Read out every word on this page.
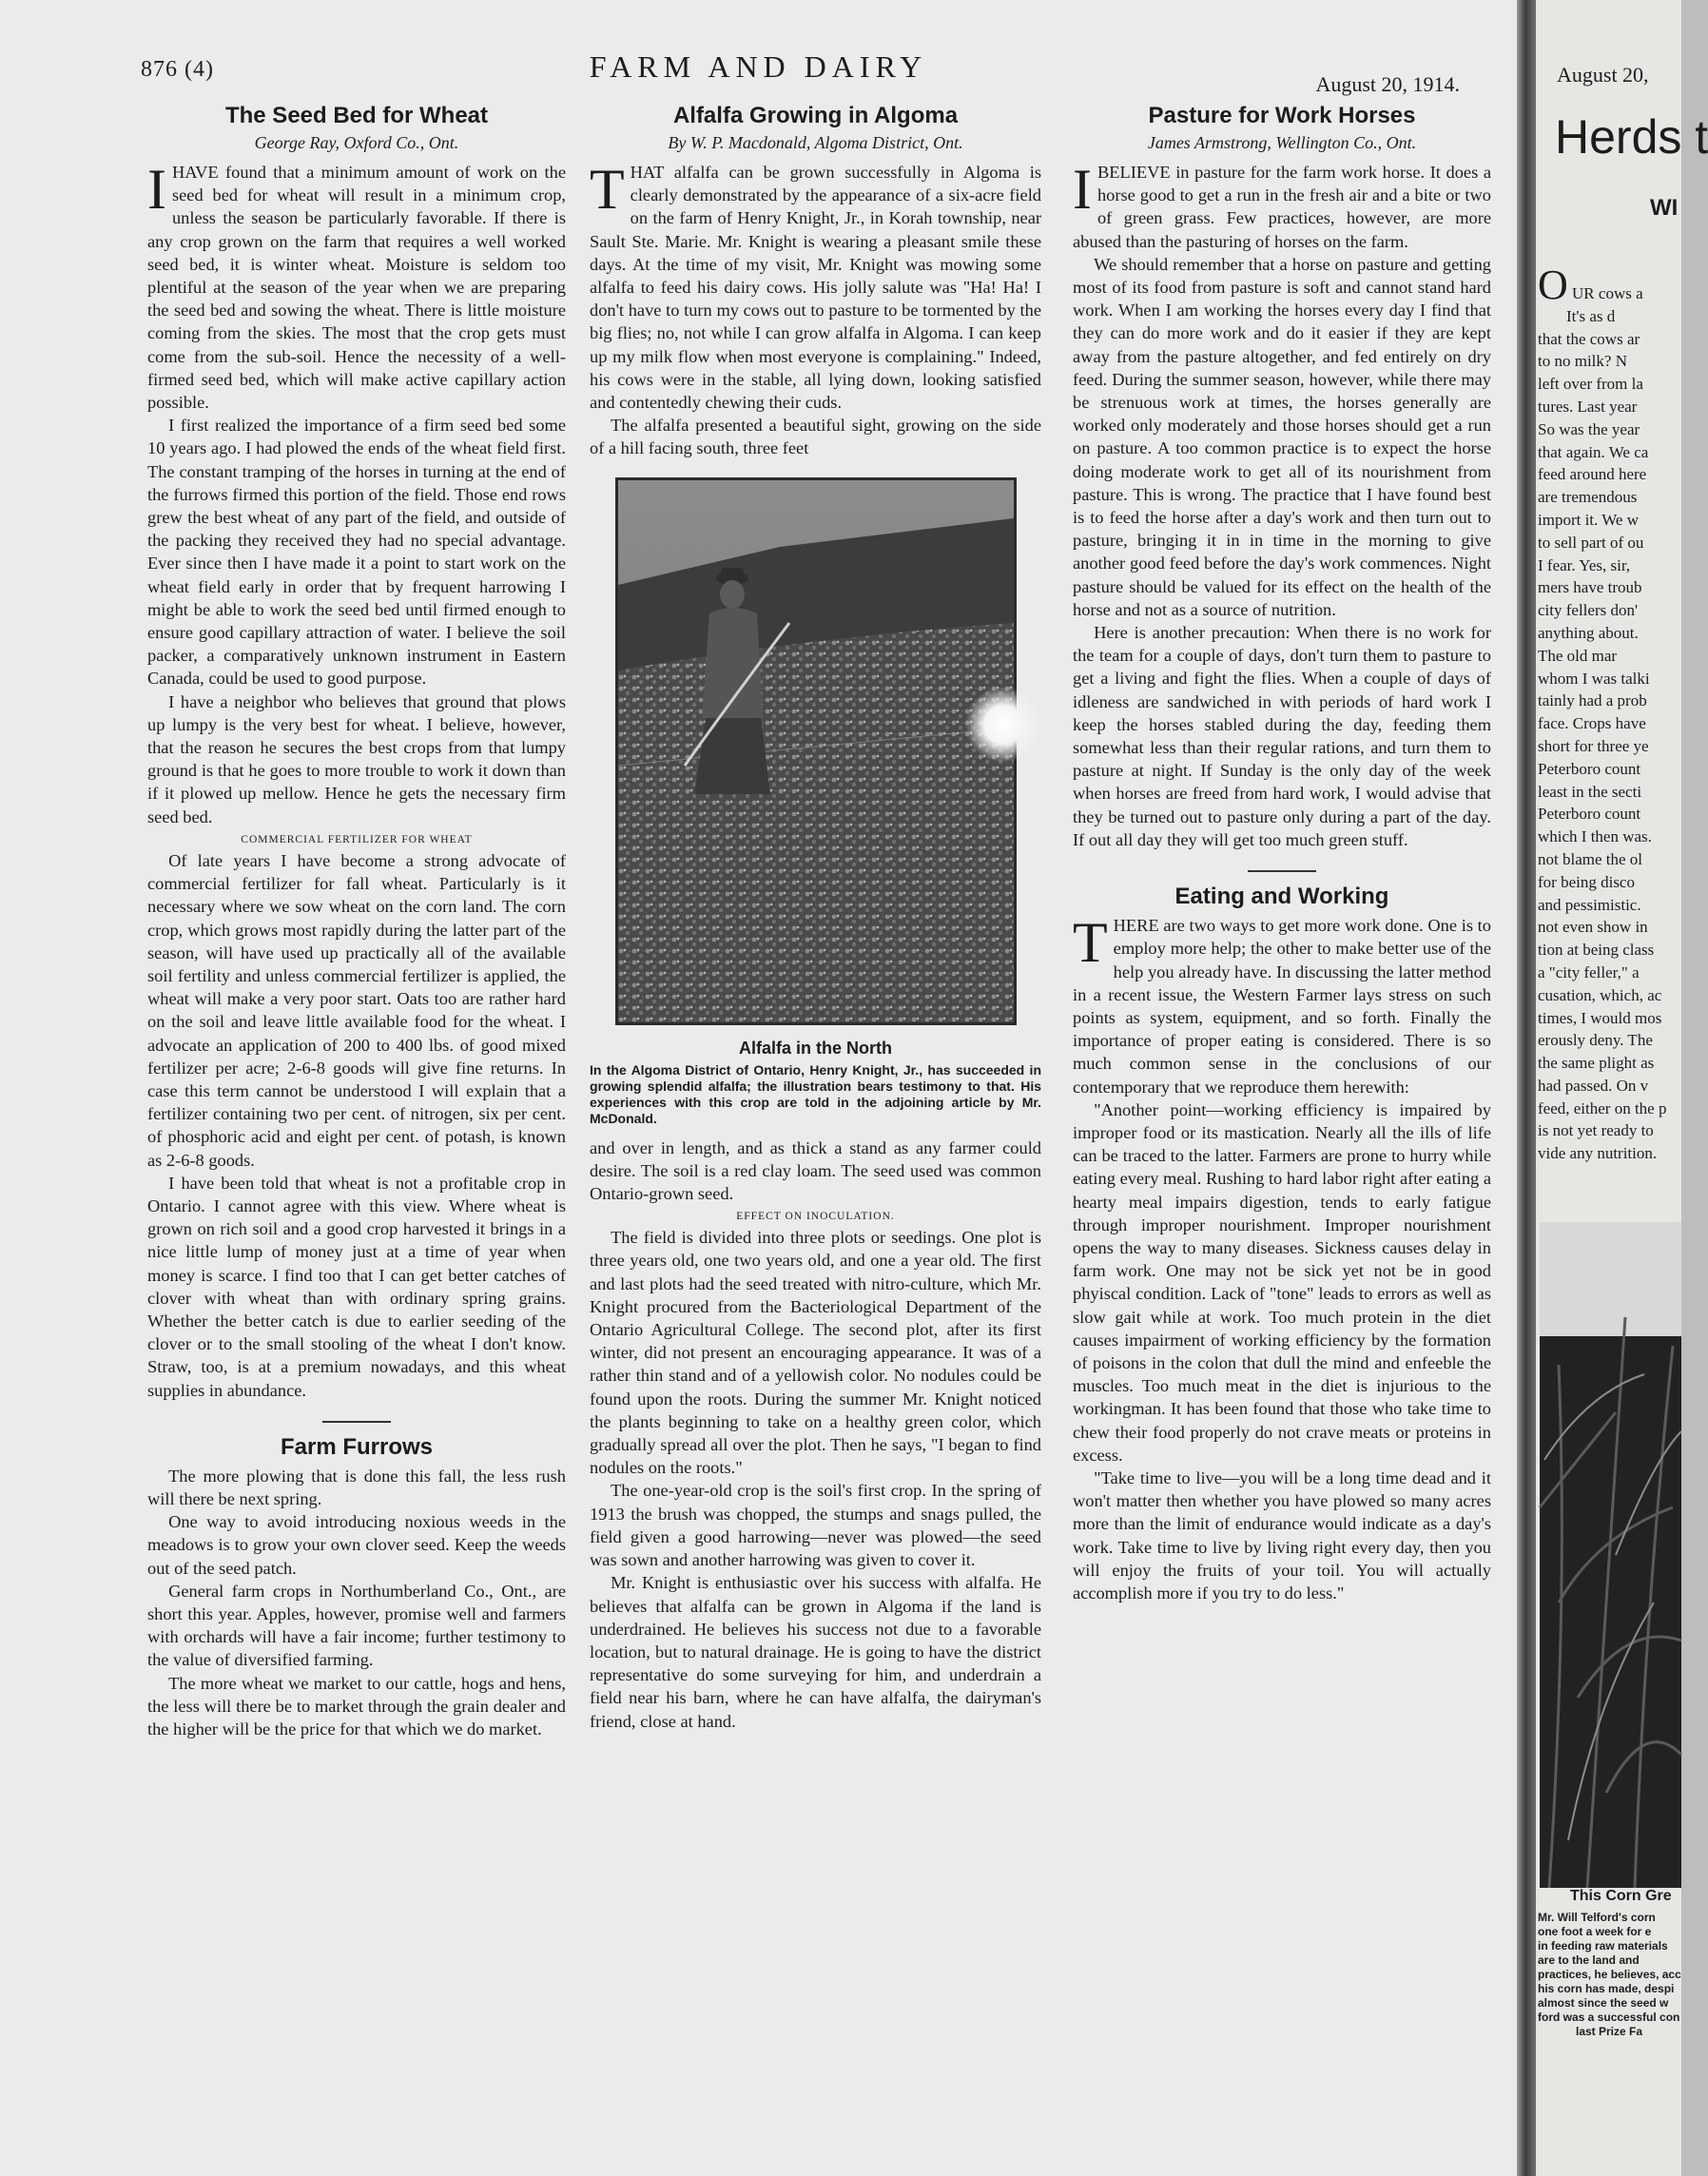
876 (4)	FARM AND DAIRY
August 20, 1914.
The Seed Bed for Wheat
George Ray, Oxford Co., Ont.
I HAVE found that a minimum amount of work on the seed bed for wheat will result in a minimum crop, unless the season be particularly favorable. If there is any crop grown on the farm that requires a well worked seed bed, it is winter wheat. Moisture is seldom too plentiful at the season of the year when we are preparing the seed bed and sowing the wheat. There is little moisture coming from the skies. The most that the crop gets must come from the sub-soil. Hence the necessity of a well-firmed seed bed, which will make active capillary action possible.

I first realized the importance of a firm seed bed some 10 years ago. I had plowed the ends of the wheat field first. The constant tramping of the horses in turning at the end of the furrows firmed this portion of the field. Those end rows grew the best wheat of any part of the field, and outside of the packing they received they had no special advantage. Ever since then I have made it a point to start work on the wheat field early in order that by frequent harrowing I might be able to work the seed bed until firmed enough to ensure good capillary attraction of water. I believe the soil packer, a comparatively unknown instrument in Eastern Canada, could be used to good purpose.

I have a neighbor who believes that ground that plows up lumpy is the very best for wheat. I believe, however, that the reason he secures the best crops from that lumpy ground is that he goes to more trouble to work it down than if it plowed up mellow. Hence he gets the necessary firm seed bed.

COMMERCIAL FERTILIZER FOR WHEAT

Of late years I have become a strong advocate of commercial fertilizer for fall wheat. Particularly is it necessary where we sow wheat on the corn land. The corn crop, which grows most rapidly during the latter part of the season, will have used up practically all of the available soil fertility and unless commercial fertilizer is applied, the wheat will make a very poor start. Oats too are rather hard on the soil and leave little available food for the wheat. I advocate an application of 200 to 400 lbs. of good mixed fertilizer per acre; 2-6-8 goods will give fine returns. In case this term cannot be understood I will explain that a fertilizer containing two per cent. of nitrogen, six per cent. of phosphoric acid and eight per cent. of potash, is known as 2-6-8 goods.

I have been told that wheat is not a profitable crop in Ontario. I cannot agree with this view. Where wheat is grown on rich soil and a good crop harvested it brings in a nice little lump of money just at a time of year when money is scarce. I find too that I can get better catches of clover with wheat than with ordinary spring grains. Whether the better catch is due to earlier seeding of the clover or to the small stooling of the wheat I don't know. Straw, too, is at a premium nowadays, and this wheat supplies in abundance.

Farm Furrows

The more plowing that is done this fall, the less rush will there be next spring.

One way to avoid introducing noxious weeds in the meadows is to grow your own clover seed. Keep the weeds out of the seed patch.

General farm crops in Northumberland Co., Ont., are short this year. Apples, however, promise well and farmers with orchards will have a fair income; further testimony to the value of diversified farming.

The more wheat we market to our cattle, hogs and hens, the less will there be to market through the grain dealer and the higher will be the price for that which we do market.

Alfalfa Growing in Algoma
By W. P. Macdonald, Algoma District, Ont.
T HAT alfalfa can be grown successfully in Algoma is clearly demonstrated by the appearance of a six-acre field on the farm of Henry Knight, Jr., in Korah township, near Sault Ste. Marie. Mr. Knight is wearing a pleasant smile these days. At the time of my visit, Mr. Knight was mowing some alfalfa to feed his dairy cows. His jolly salute was "Ha! Ha! I don't have to turn my cows out to pasture to be tormented by the big flies; no, not while I can grow alfalfa in Algoma. I can keep up my milk flow when most everyone is complaining." Indeed, his cows were in the stable, all lying down, looking satisfied and contentedly chewing their cuds.

The alfalfa presented a beautiful sight, growing on the side of a hill facing south, three feet

Alfalfa in the North
In the Algoma District of Ontario, Henry Knight, Jr., has succeeded in growing splendid alfalfa; the illustration bears testimony to that. His experiences with this crop are told in the adjoining article by Mr. McDonald.

and over in length, and as thick a stand as any farmer could desire. The soil is a red clay loam. The seed used was common Ontario-grown seed.

EFFECT ON INOCULATION.

The field is divided into three plots or seedings. One plot is three years old, one two years old, and one a year old. The first and last plots had the seed treated with nitro-culture, which Mr. Knight procured from the Bacteriological Department of the Ontario Agricultural College. The second plot, after its first winter, did not present an encouraging appearance. It was of a rather thin stand and of a yellowish color. No nodules could be found upon the roots. During the summer Mr. Knight noticed the plants beginning to take on a healthy green color, which gradually spread all over the plot. Then he says, "I began to find nodules on the roots."

The one-year-old crop is the soil's first crop. In the spring of 1913 the brush was chopped, the stumps and snags pulled, the field given a good harrowing—never was plowed—the seed was sown and another harrowing was given to cover it.

Mr. Knight is enthusiastic over his success with alfalfa. He believes that alfalfa can be grown in Algoma if the land is underdrained. He believes his success not due to a favorable location, but to natural drainage. He is going to have the district representative do some surveying for him, and underdrain a field near his barn, where he can have alfalfa, the dairyman's friend, close at hand.

Pasture for Work Horses
James Armstrong, Wellington Co., Ont.
I BELIEVE in pasture for the farm work horse. It does a horse good to get a run in the fresh air and a bite or two of green grass. Few practices, however, are more abused than the pasturing of horses on the farm.

We should remember that a horse on pasture and getting most of its food from pasture is soft and cannot stand hard work. When I am working the horses every day I find that they can do more work and do it easier if they are kept away from the pasture altogether, and fed entirely on dry feed. During the summer season, however, while there may be strenuous work at times, the horses generally are worked only moderately and those horses should get a run on pasture. A too common practice is to expect the horse doing moderate work to get all of its nourishment from pasture. This is wrong. The practice that I have found best is to feed the horse after a day's work and then turn out to pasture, bringing it in in time in the morning to give another good feed before the day's work commences. Night pasture should be valued for its effect on the health of the horse and not as a source of nutrition.

Here is another precaution: When there is no work for the team for a couple of days, don't turn them to pasture to get a living and fight the flies. When a couple of days of idleness are sandwiched in with periods of hard work I keep the horses stabled during the day, feeding them somewhat less than their regular rations, and turn them to pasture at night. If Sunday is the only day of the week when horses are freed from hard work, I would advise that they be turned out to pasture only during a part of the day. If out all day they will get too much green stuff.

Eating and Working
T HERE are two ways to get more work done. One is to employ more help; the other to make better use of the help you already have. In discussing the latter method in a recent issue, the Western Farmer lays stress on such points as system, equipment, and so forth. Finally the importance of proper eating is considered. There is so much common sense in the conclusions of our contemporary that we reproduce them herewith:

"Another point—working efficiency is impaired by improper food or its mastication. Nearly all the ills of life can be traced to the latter. Farmers are prone to hurry while eating every meal. Rushing to hard labor right after eating a hearty meal impairs digestion, tends to early fatigue through improper nourishment. Improper nourishment opens the way to many diseases. Sickness causes delay in farm work. One may not be sick yet not be in good phyiscal condition. Lack of "tone" leads to errors as well as slow gait while at work. Too much protein in the diet causes impairment of working efficiency by the formation of poisons in the colon that dull the mind and enfeeble the muscles. Too much meat in the diet is injurious to the workingman. It has been found that those who take time to chew their food properly do not crave meats or proteins in excess.

"Take time to live—you will be a long time dead and it won't matter then whether you have plowed so many acres more than the limit of endurance would indicate as a day's work. Take time to live by living right every day, then you will enjoy the fruits of your toil. You will actually accomplish more if you try to do less."

August 20,
Herds t
WI

O UR cows a

It's as d

that the cows ar

to no milk? N

left over from la

tures. Last year

So was the year

that again. We ca

feed around here

are tremendous

import it. We w

to sell part of ou

I fear. Yes, sir,

mers have troub

city fellers don'

anything about.

The old mar

whom I was talki

tainly had a prob

face. Crops have

short for three ye

Peterboro count

least in the secti

Peterboro count

which I then was.

not blame the ol

for being disco

and pessimistic.

not even show in

tion at being class

a "city feller," a

cusation, which, ac

times, I would mos

erously deny. The

the same plight as

had passed. On v

feed, either on the p

is not yet ready to

vide any nutrition.

This Corn Gre

Mr. Will Telford's corn

one foot a week for e

in feeding raw materials

are to the land and

practices, he believes, acc

his corn has made, despi

almost since the seed w

ford was a successful con

last Prize Fa
